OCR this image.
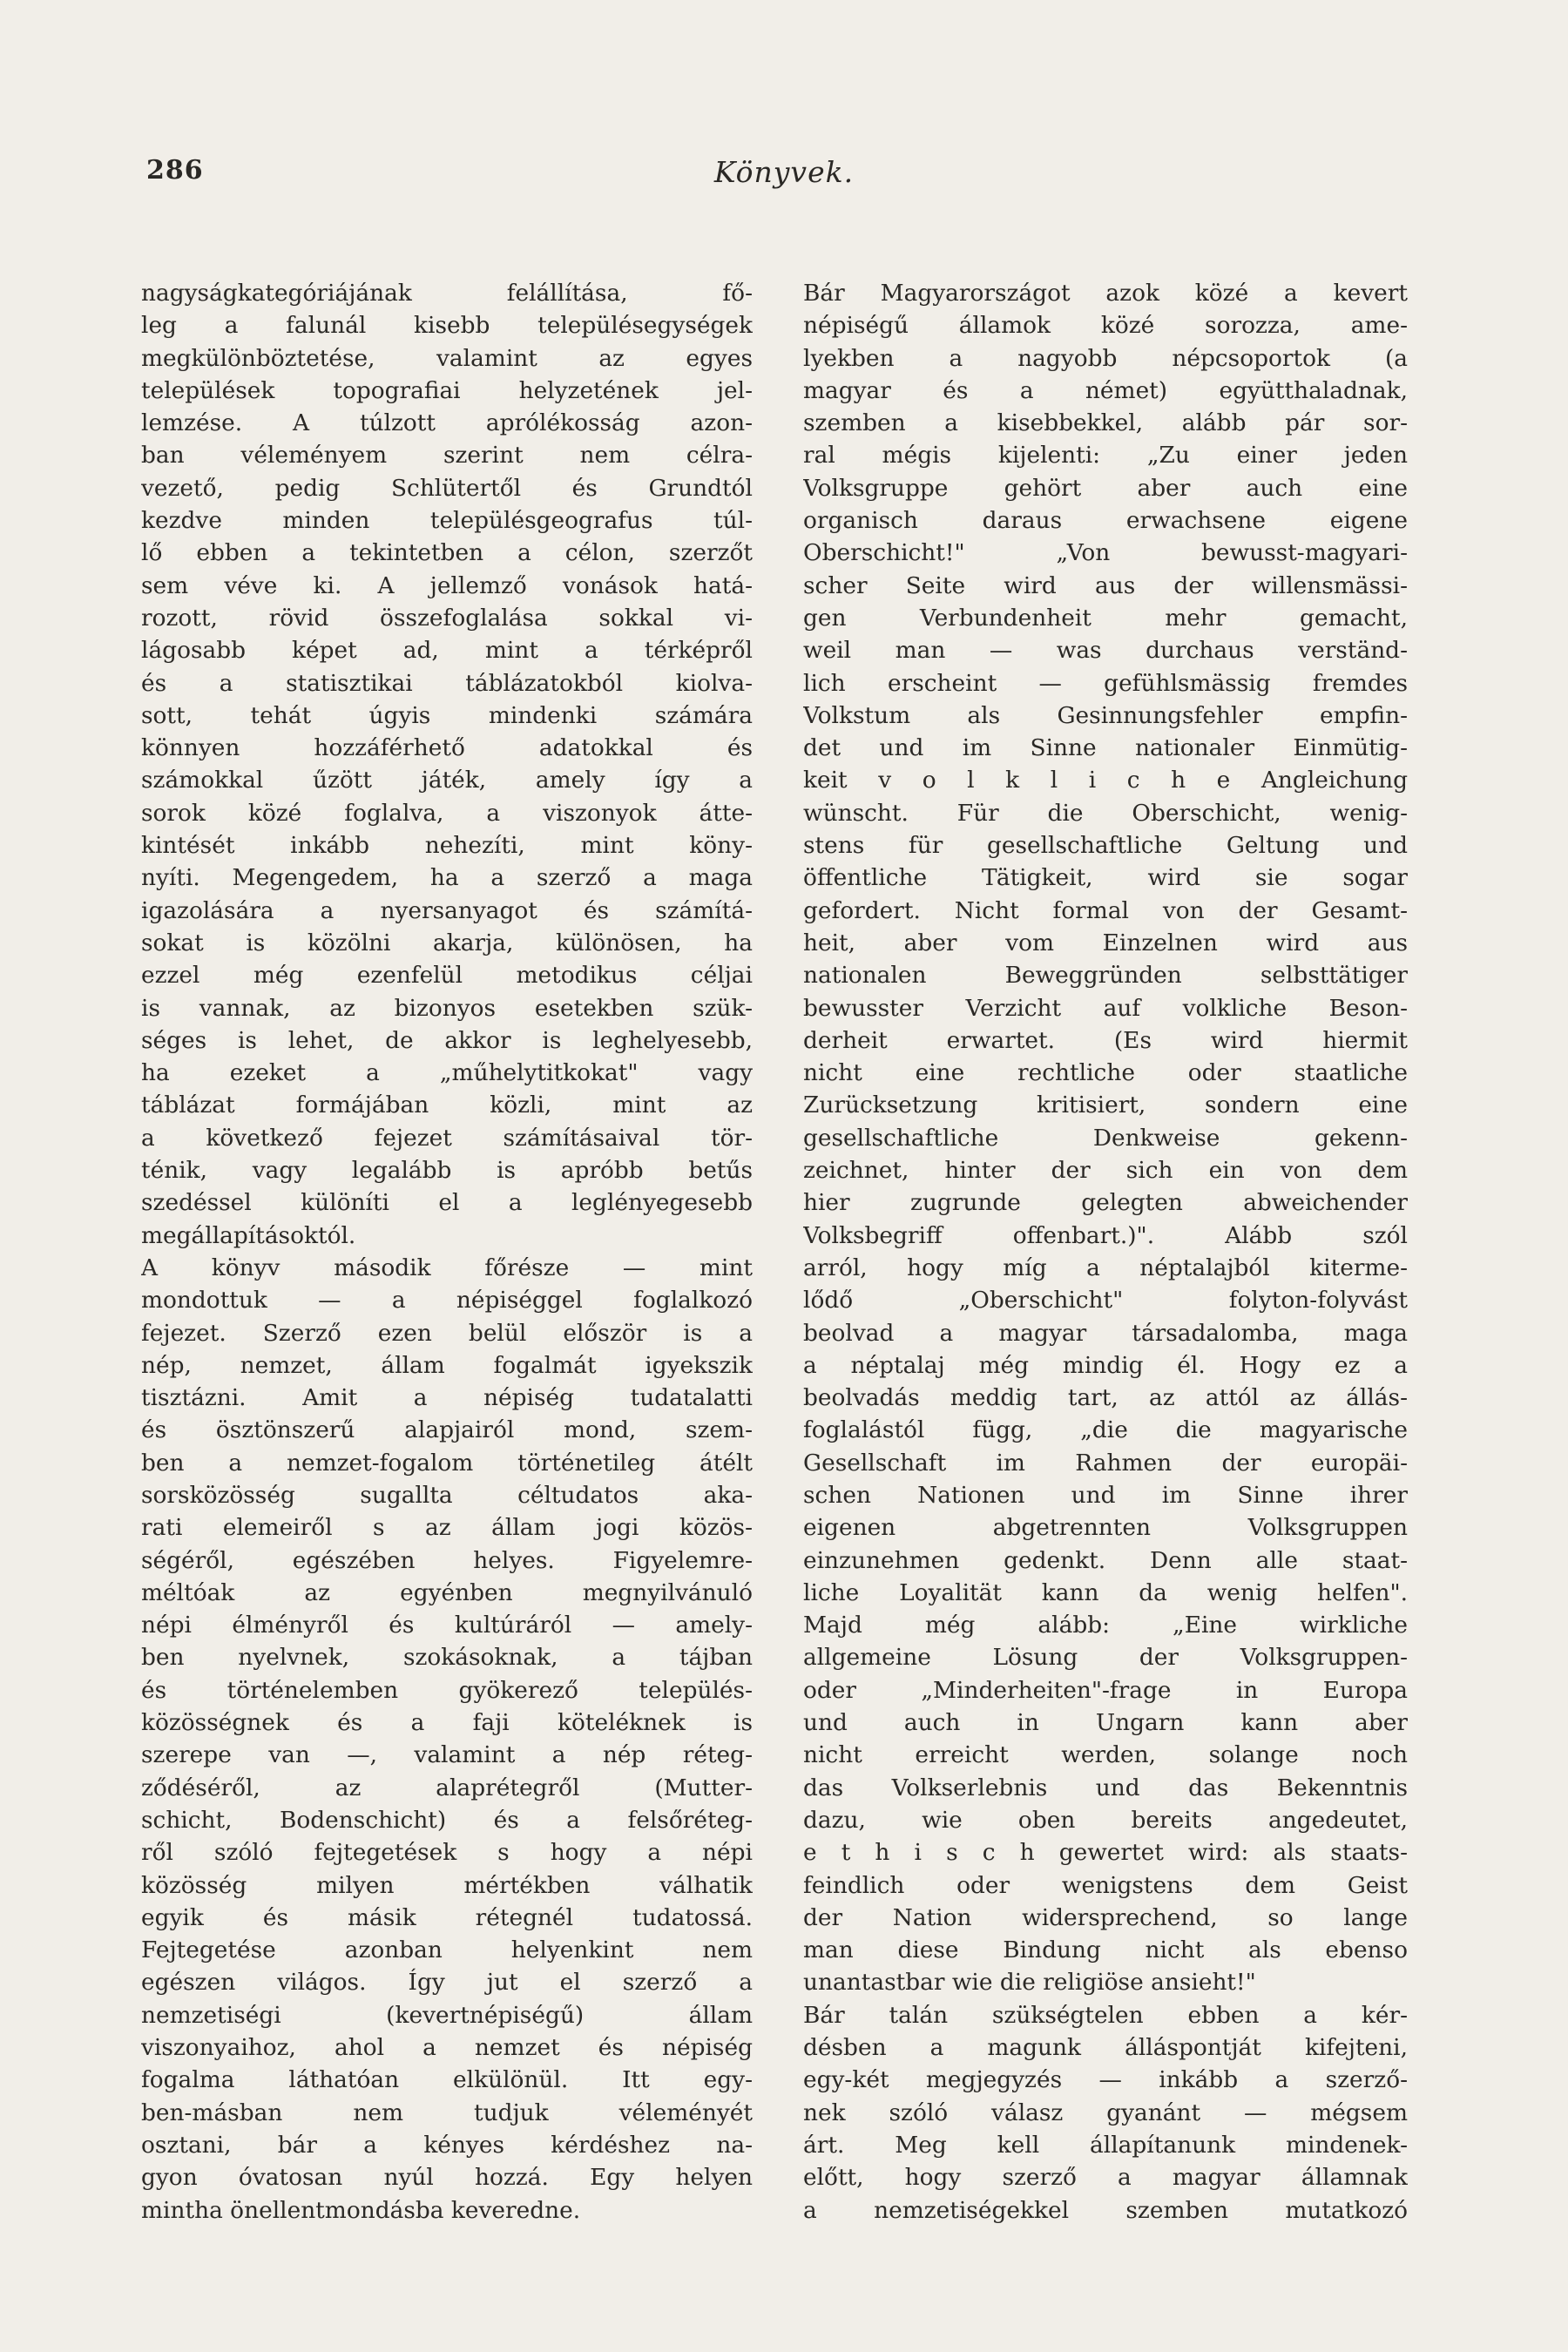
286	Könyvek.
nagyságkategóriájának felállítása, fő-
leg a falunál kisebb településegységek
megkülönböztetése, valamint az egyes
települések topografiai helyzetének jel-
lemzése. A túlzott aprólékosság azon-
ban véleményem szerint nem célra-
vezető, pedig Schlütertől és Grundtól
kezdve minden településgeografus túl-
lő ebben a tekintetben a célon, szerzőt
sem véve ki. A jellemző vonások hatá-
rozott, rövid összefoglalása sokkal vi-
lágosabb képet ad, mint a térképről
és a statisztikai táblázatokból kiolva-
sott, tehát úgyis mindenki számára
könnyen hozzáférhető adatokkal és
számokkal űzött játék, amely így a
sorok közé foglalva, a viszonyok átte-
kintését inkább nehezíti, mint köny-
nyíti. Megengedem, ha a szerző a maga
igazolására a nyersanyagot és számítá-
sokat is közölni akarja, különösen, ha
ezzel még ezenfelül metodikus céljai
is vannak, az bizonyos esetekben szük-
séges is lehet, de akkor is leghelyesebb,
ha ezeket a „műhelytitkokat" vagy
táblázat formájában közli, mint az
a következő fejezet számításaival tör-
ténik, vagy legalább is apróbb betűs
szedéssel különíti el a leglényegesebb
megállapításoktól.
A könyv második főrésze — mint
mondottuk — a népiséggel foglalkozó
fejezet. Szerző ezen belül először is a
nép, nemzet, állam fogalmát igyekszik
tisztázni. Amit a népiség tudatalatti
és ösztönszerű alapjairól mond, szem-
ben a nemzet-fogalom történetileg átélt
sorsközösség sugallta céltudatos aka-
rati elemeiről s az állam jogi közös-
ségéről, egészében helyes. Figyelemre-
méltóak az egyénben megnyilvánuló
népi élményről és kultúráról — amely-
ben nyelvnek, szokásoknak, a tájban
és történelemben gyökerező település-
közösségnek és a faji köteléknek is
szerepe van —, valamint a nép réteg-
ződéséről, az alaprétegről (Mutter-
schicht, Bodenschicht) és a felsőréteg-
ről szóló fejtegetések s hogy a népi
közösség milyen mértékben válhatik
egyik és másik rétegnél tudatossá.
Fejtegetése azonban helyenkint nem
egészen világos. Így jut el szerző a
nemzetiségi (kevertnépiségű) állam
viszonyaihoz, ahol a nemzet és népiség
fogalma láthatóan elkülönül. Itt egy-
ben-másban nem tudjuk véleményét
osztani, bár a kényes kérdéshez na-
gyon óvatosan nyúl hozzá. Egy helyen
mintha önellentmondásba keveredne.
Bár Magyarországot azok közé a kevert
népiségű államok közé sorozza, ame-
lyekben a nagyobb népcsoportok (a
magyar és a német) együtthaladnak,
szemben a kisebbekkel, alább pár sor-
ral mégis kijelenti: „Zu einer jeden
Volksgruppe gehört aber auch eine
organisch daraus erwachsene eigene
Oberschicht!" „Von bewusst-magyari-
scher Seite wird aus der willensmässi-
gen Verbundenheit mehr gemacht,
weil man — was durchaus verständ-
lich erscheint — gefühlsmässig fremdes
Volkstum als Gesinnungsfehler empfin-
det und im Sinne nationaler Einmütig-
keit v o l k l i c h e Angleichung
wünscht. Für die Oberschicht, wenig-
stens für gesellschaftliche Geltung und
öffentliche Tätigkeit, wird sie sogar
gefordert. Nicht formal von der Gesamt-
heit, aber vom Einzelnen wird aus
nationalen Beweggründen selbsttätiger
bewusster Verzicht auf volkliche Beson-
derheit erwartet. (Es wird hiermit
nicht eine rechtliche oder staatliche
Zurücksetzung kritisiert, sondern eine
gesellschaftliche Denkweise gekenn-
zeichnet, hinter der sich ein von dem
hier zugrunde gelegten abweichender
Volksbegriff offenbart.)". Alább szól
arról, hogy míg a néptalajból kiterme-
lődő „Oberschicht" folyton-folyvást
beolvad a magyar társadalomba, maga
a néptalaj még mindig él. Hogy ez a
beolvadás meddig tart, az attól az állás-
foglalástól függ, „die die magyarische
Gesellschaft im Rahmen der europäi-
schen Nationen und im Sinne ihrer
eigenen abgetrennten Volksgruppen
einzunehmen gedenkt. Denn alle staat-
liche Loyalität kann da wenig helfen".
Majd még alább: „Eine wirkliche
allgemeine Lösung der Volksgruppen-
oder „Minderheiten"-frage in Europa
und auch in Ungarn kann aber
nicht erreicht werden, solange noch
das Volkserlebnis und das Bekenntnis
dazu, wie oben bereits angedeutet,
e t h i s c h gewertet wird: als staats-
feindlich oder wenigstens dem Geist
der Nation widersprechend, so lange
man diese Bindung nicht als ebenso
unantastbar wie die religiöse ansieht!"
Bár talán szükségtelen ebben a kér-
désben a magunk álláspontját kifejteni,
egy-két megjegyzés — inkább a szerző-
nek szóló válasz gyanánt — mégsem
árt. Meg kell állapítanunk mindenek-
előtt, hogy szerző a magyar államnak
a nemzetiségekkel szemben mutatkozó
